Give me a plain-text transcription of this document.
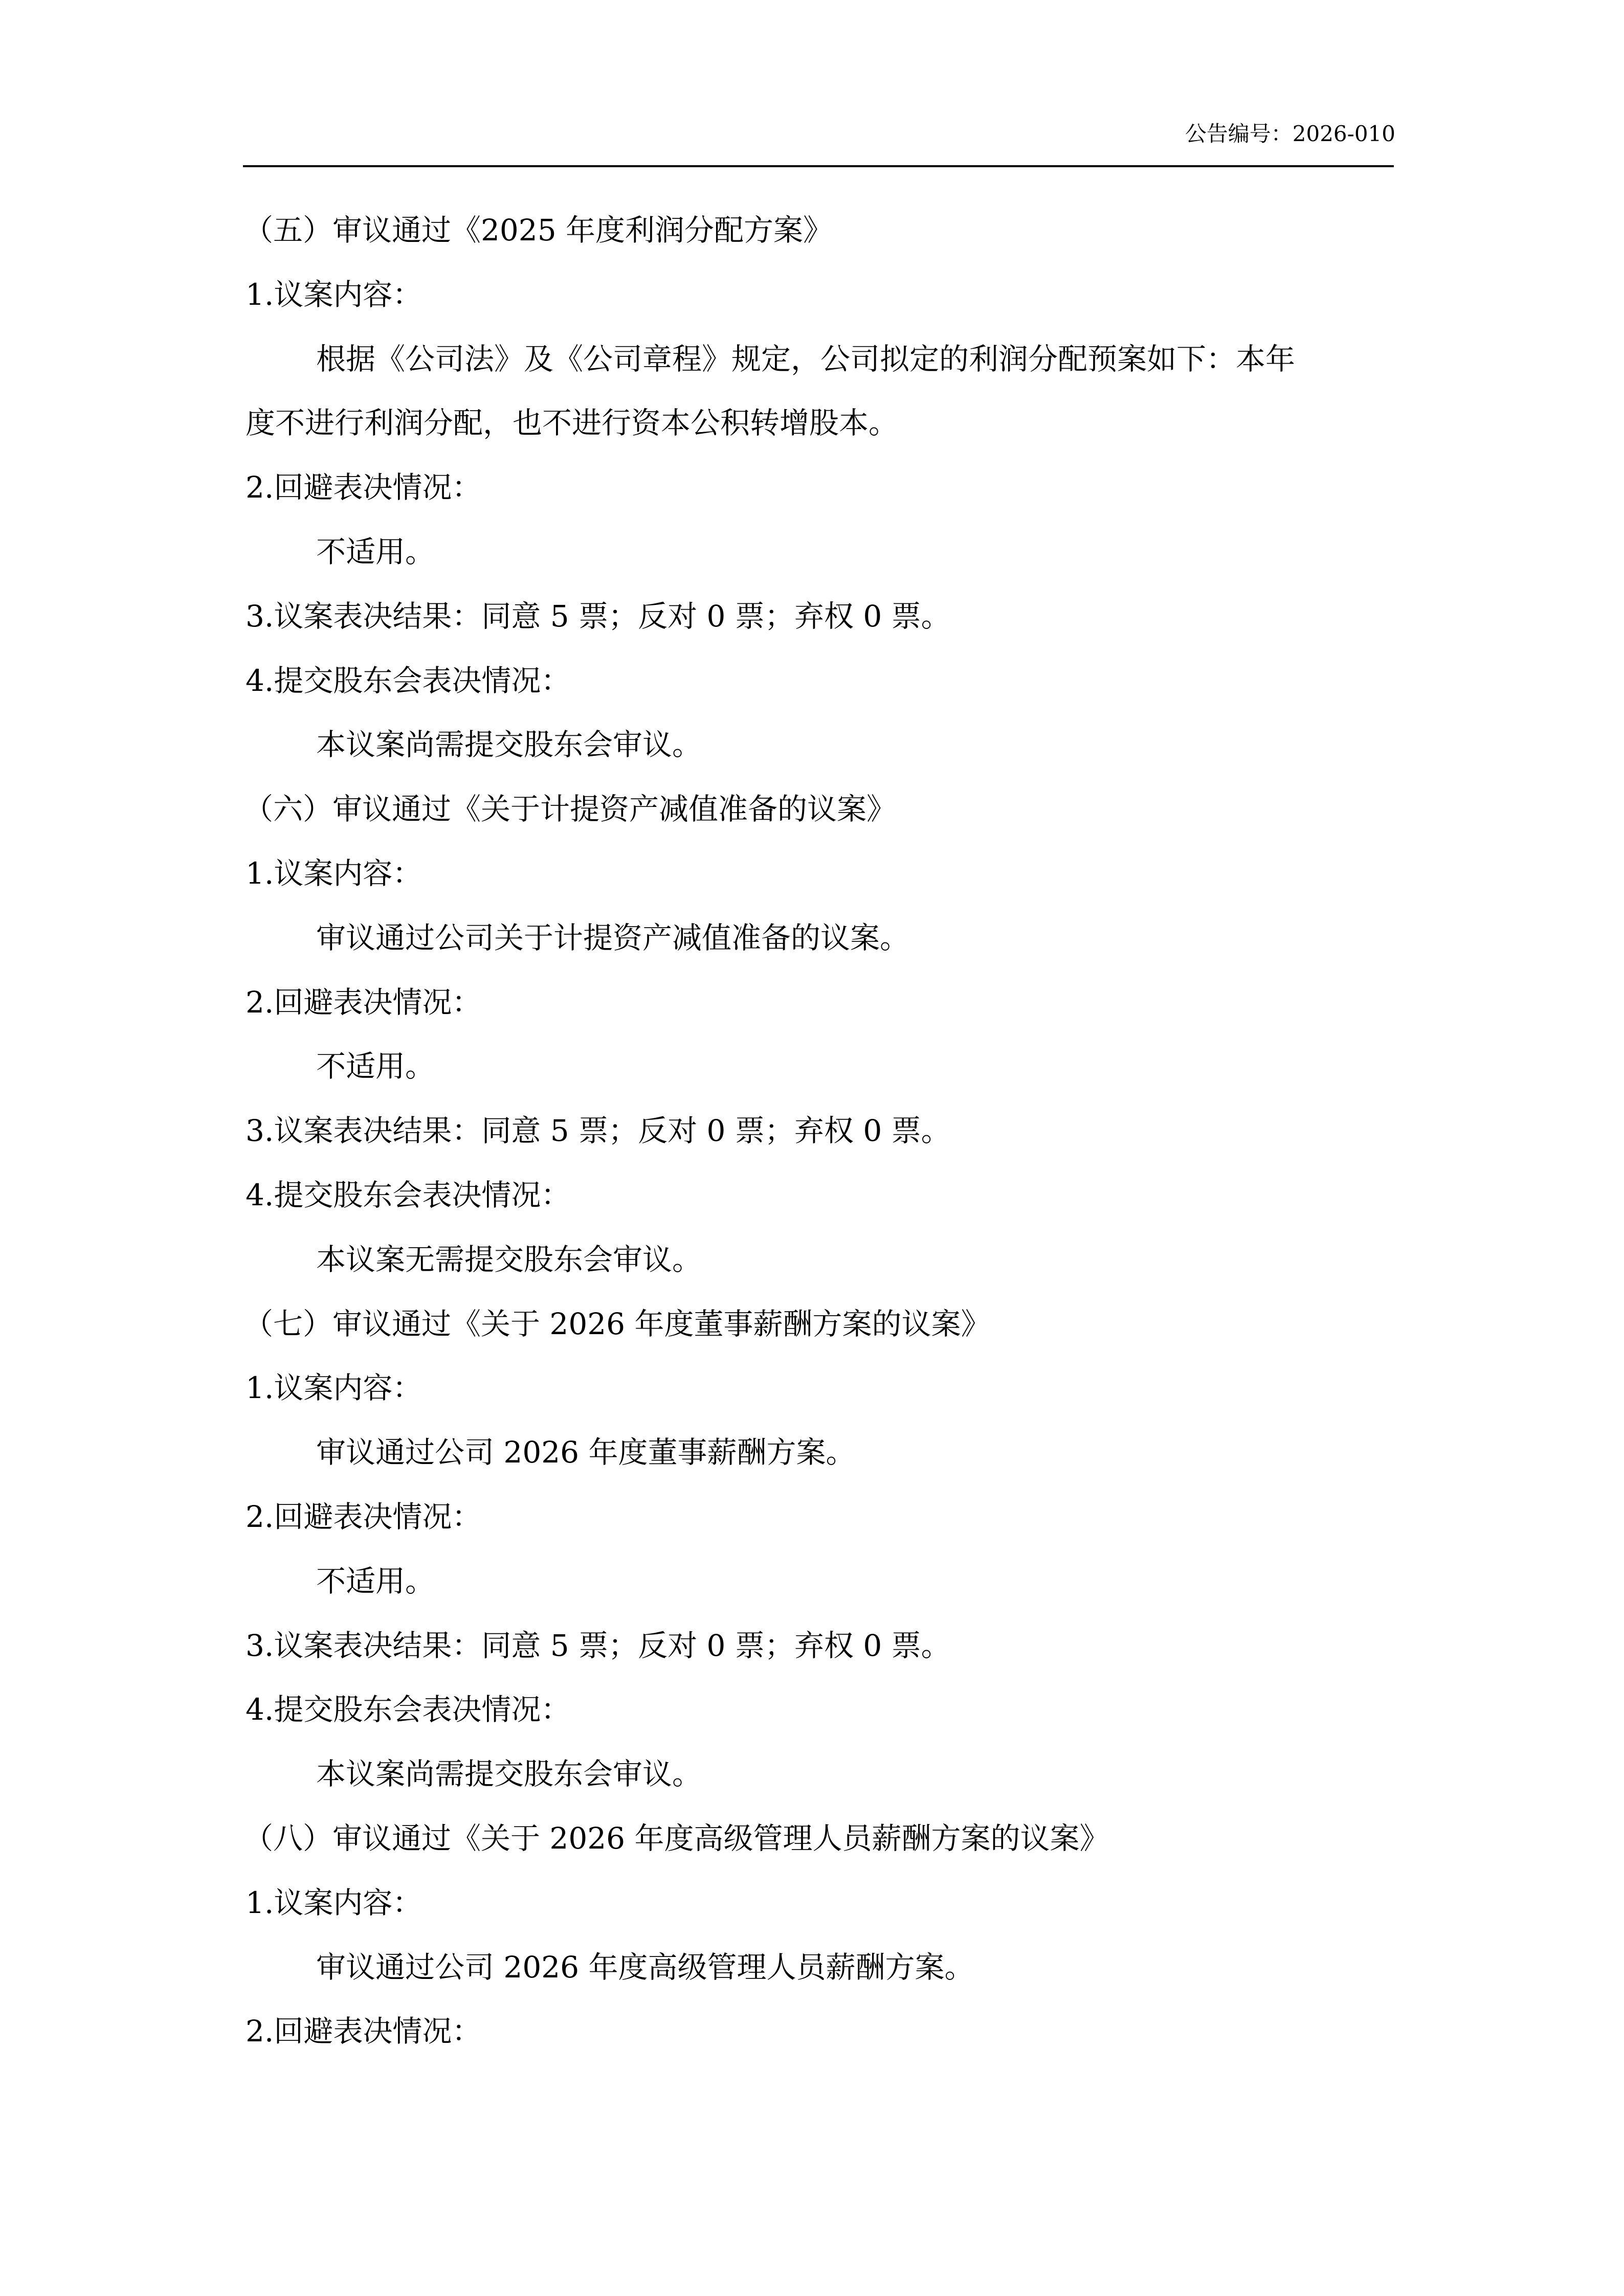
公告编号：2026-010
（五）审议通过《2025 年度利润分配方案》
1.议案内容：
根据《公司法》及《公司章程》规定，公司拟定的利润分配预案如下：本年
度不进行利润分配，也不进行资本公积转增股本。
2.回避表决情况：
不适用。
3.议案表决结果：同意 5 票；反对 0 票；弃权 0 票。
4.提交股东会表决情况：
本议案尚需提交股东会审议。
（六）审议通过《关于计提资产减值准备的议案》
1.议案内容：
审议通过公司关于计提资产减值准备的议案。
2.回避表决情况：
不适用。
3.议案表决结果：同意 5 票；反对 0 票；弃权 0 票。
4.提交股东会表决情况：
本议案无需提交股东会审议。
（七）审议通过《关于 2026 年度董事薪酬方案的议案》
1.议案内容：
审议通过公司 2026 年度董事薪酬方案。
2.回避表决情况：
不适用。
3.议案表决结果：同意 5 票；反对 0 票；弃权 0 票。
4.提交股东会表决情况：
本议案尚需提交股东会审议。
（八）审议通过《关于 2026 年度高级管理人员薪酬方案的议案》
1.议案内容：
审议通过公司 2026 年度高级管理人员薪酬方案。
2.回避表决情况：
